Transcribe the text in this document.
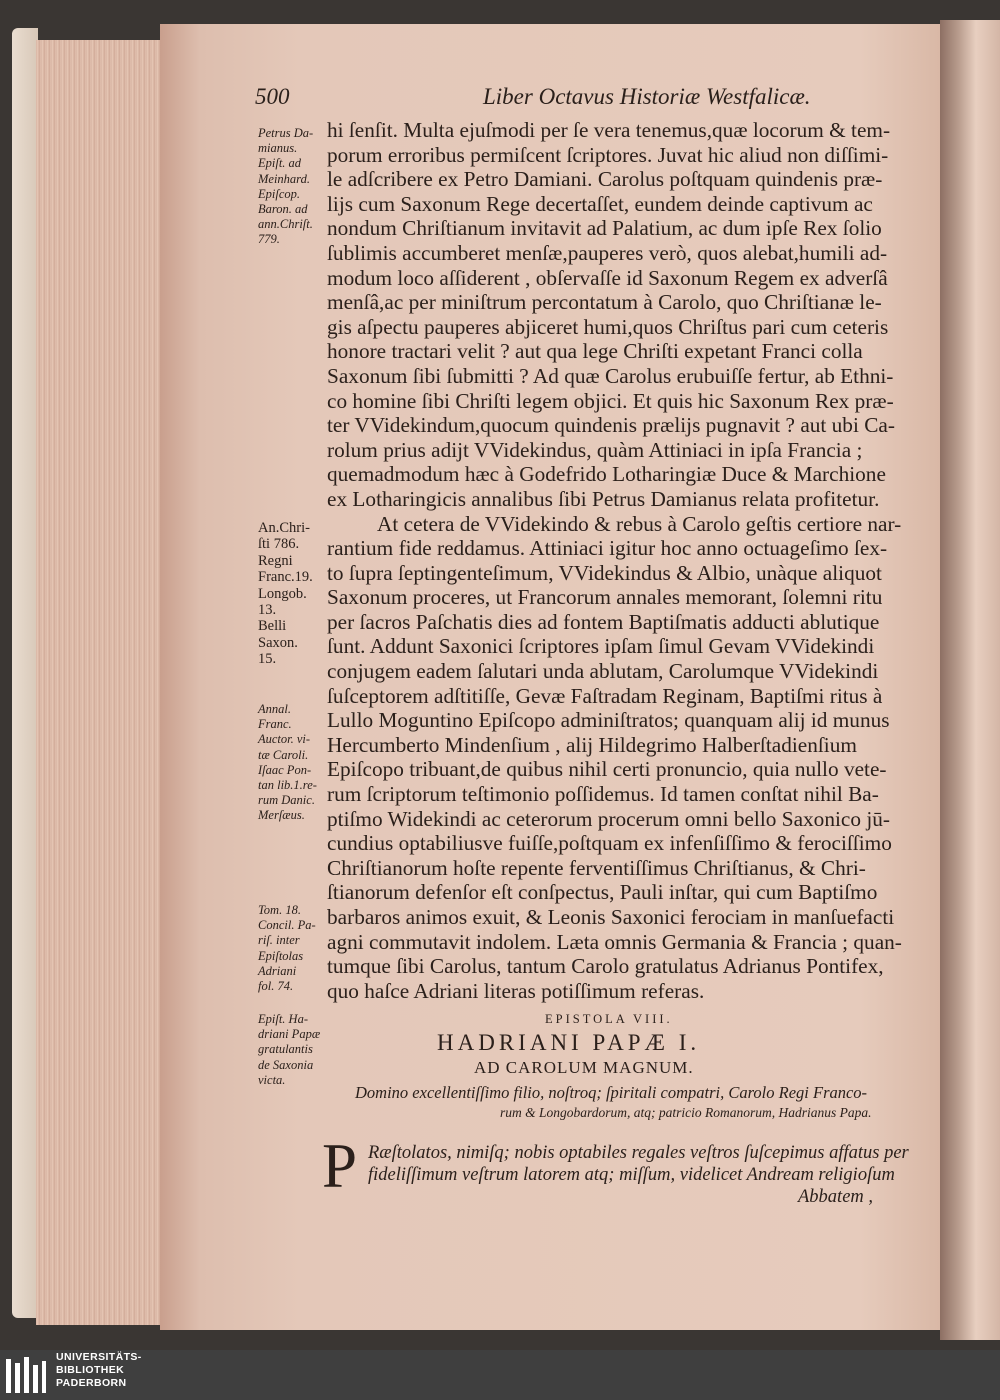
500	Liber Octavus Historiæ Westfalicæ.
hi ſenſit. Multa ejuſmodi per ſe vera tenemus,quæ locorum & tem-
porum erroribus permiſcent ſcriptores. Juvat hic aliud non diſſimi-
le adſcribere ex Petro Damiani. Carolus poſtquam quindenis præ-
lijs cum Saxonum Rege decertaſſet, eundem deinde captivum ac
nondum Chriſtianum invitavit ad Palatium, ac dum ipſe Rex ſolio
ſublimis accumberet menſæ,pauperes verò, quos alebat,humili ad-
modum loco aſſiderent , obſervaſſe id Saxonum Regem ex adverſâ
menſâ,ac per miniſtrum percontatum à Carolo, quo Chriſtianæ le-
gis aſpectu pauperes abjiceret humi,quos Chriſtus pari cum ceteris
honore tractari velit ? aut qua lege Chriſti expetant Franci colla
Saxonum ſibi ſubmitti ? Ad quæ Carolus erubuiſſe fertur, ab Ethni-
co homine ſibi Chriſti legem objici. Et quis hic Saxonum Rex præ-
ter VVidekindum,quocum quindenis prælijs pugnavit ? aut ubi Ca-
rolum prius adijt VVidekindus, quàm Attiniaci in ipſa Francia ;
quemadmodum hæc à Godefrido Lotharingiæ Duce & Marchione
ex Lotharingicis annalibus ſibi Petrus Damianus relata profitetur.
At cetera de VVidekindo & rebus à Carolo geſtis certiore nar-
rantium fide reddamus. Attiniaci igitur hoc anno octuageſimo ſex-
to ſupra ſeptingenteſimum, VVidekindus & Albio, unàque aliquot
Saxonum proceres, ut Francorum annales memorant, ſolemni ritu
per ſacros Paſchatis dies ad fontem Baptiſmatis adducti ablutique
ſunt. Addunt Saxonici ſcriptores ipſam ſimul Gevam VVidekindi
conjugem eadem ſalutari unda ablutam, Carolumque VVidekindi
ſuſceptorem adſtitiſſe, Gevæ Faſtradam Reginam, Baptiſmi ritus à
Lullo Moguntino Epiſcopo adminiſtratos; quanquam alij id munus
Hercumberto Mindenſium , alij Hildegrimo Halberſtadienſium
Epiſcopo tribuant,de quibus nihil certi pronuncio, quia nullo vete-
rum ſcriptorum teſtimonio poſſidemus. Id tamen conſtat nihil Ba-
ptiſmo Widekindi ac ceterorum procerum omni bello Saxonico jū-
cundius optabiliusve fuiſſe,poſtquam ex infenſiſſimo & ferociſſimo
Chriſtianorum hoſte repente ferventiſſimus Chriſtianus, & Chri-
ſtianorum defenſor eſt conſpectus, Pauli inſtar, qui cum Baptiſmo
barbaros animos exuit, & Leonis Saxonici ferociam in manſuefacti
agni commutavit indolem. Læta omnis Germania & Francia ; quan-
tumque ſibi Carolus, tantum Carolo gratulatus Adrianus Pontifex,
quo haſce Adriani literas potiſſimum referas.
Petrus Da-
mianus.
Epiſt. ad
Meinhard.
Epiſcop.
Baron. ad
ann.Chriſt.
779.
An.Chri-
ſti 786.
Regni
Franc.19.
Longob.
13.
Belli
Saxon.
15.
Annal.
Franc.
Auctor. vi-
tæ Caroli.
Iſaac Pon-
tan lib.1.re-
rum Danic.
Merſæus.
Tom. 18.
Concil. Pa-
riſ. inter
Epiſtolas
Adriani
fol. 74.
Epiſt. Ha-
driani Papæ
gratulantis
de Saxonia
victa.
EPISTOLA VIII.
HADRIANI PAPÆ I.
AD CAROLUM MAGNUM.
Domino excellentiſſimo filio, noſtroq; ſpiritali compatri, Carolo Regi Franco-
rum & Longobardorum, atq; patricio Romanorum, Hadrianus Papa.
P Ræſtolatos, nimiſq; nobis optabiles regales veſtros ſuſcepimus affatus per
fideliſſimum veſtrum latorem atq; miſſum, videlicet Andream religioſum
Abbatem ,
UNIVERSITÄTS-
BIBLIOTHEK
PADERBORN
